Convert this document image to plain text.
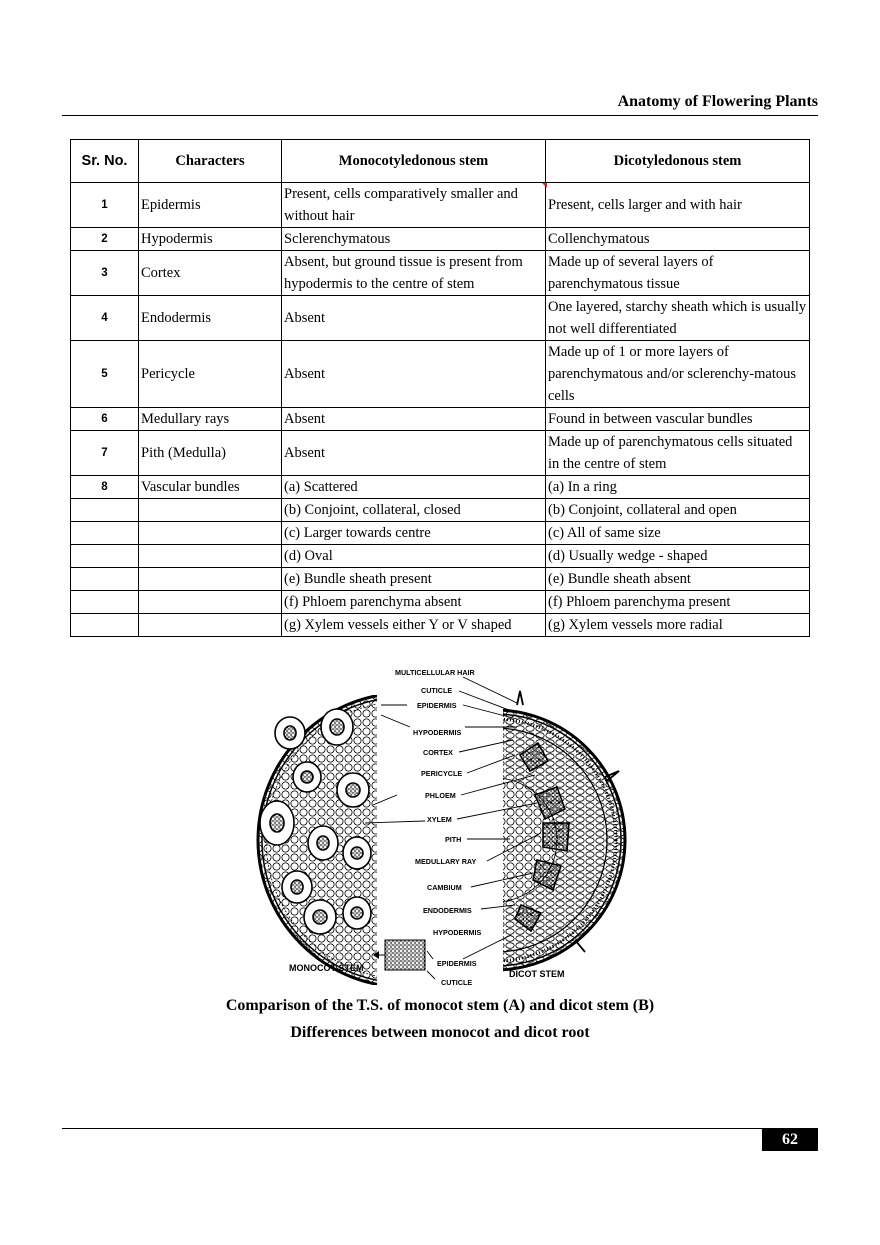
Anatomy of Flowering Plants
Sr. No.	Characters	Monocotyledonous stem	Dicotyledonous stem
1	Epidermis	Present, cells comparatively smaller and without hair	Present, cells larger and with hair
2	Hypodermis	Sclerenchymatous	Collenchymatous
3	Cortex	Absent, but ground tissue is present from hypodermis to the centre of stem	Made up of several layers of parenchymatous tissue
4	Endodermis	Absent	One layered, starchy sheath which is usually not well differentiated
5	Pericycle	Absent	Made up of 1 or more layers of parenchymatous and/or sclerenchy-matous cells
6	Medullary rays	Absent	Found in between vascular bundles
7	Pith (Medulla)	Absent	Made up of parenchymatous cells situated in the centre of stem
8	Vascular bundles	(a) Scattered	(a) In a ring
		(b) Conjoint, collateral, closed	(b) Conjoint, collateral and open
		(c) Larger towards centre	(c) All of same size
		(d) Oval	(d) Usually wedge - shaped
		(e) Bundle sheath present	(e) Bundle sheath absent
		(f) Phloem parenchyma absent	(f) Phloem parenchyma present
		(g) Xylem vessels either Y or V shaped	(g) Xylem vessels more radial
MULTICELLULAR HAIR
CUTICLE
EPIDERMIS
HYPODERMIS
CORTEX
PERICYCLE
PHLOEM
XYLEM
PITH
MEDULLARY RAY
CAMBIUM
ENDODERMIS
HYPODERMIS
EPIDERMIS
CUTICLE
MONOCOT STEM
DICOT STEM
Comparison of the T.S. of monocot stem (A) and dicot stem (B)
Differences between monocot and dicot root
62
